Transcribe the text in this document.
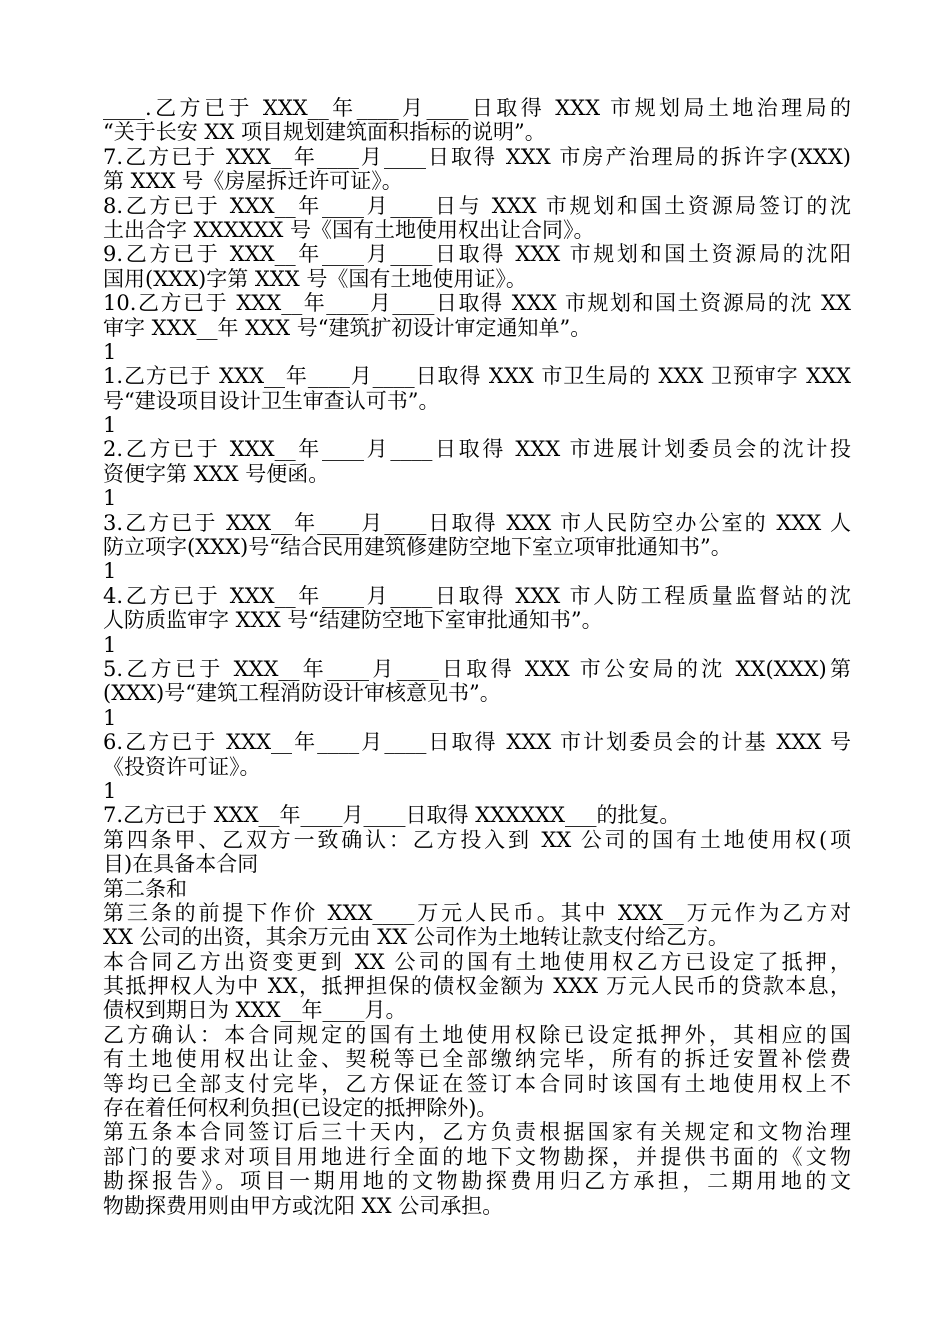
____.乙方已于 XXX__年____月____日取得 XXX 市规划局土地治理局的
“关于长安 XX 项目规划建筑面积指标的说明”。
7.乙方已于 XXX__年____月____日取得 XXX 市房产治理局的拆许字(XXX)
第 XXX 号《房屋拆迁许可证》。
8.乙方已于 XXX__年____月____日与 XXX 市规划和国土资源局签订的沈
土出合字 XXXXXX 号《国有土地使用权出让合同》。
9.乙方已于 XXX__年____月____日取得 XXX 市规划和国土资源局的沈阳
国用(XXX)字第 XXX 号《国有土地使用证》。
10.乙方已于 XXX__年____月____日取得 XXX 市规划和国土资源局的沈 XX
审字 XXX__年 XXX 号“建筑扩初设计审定通知单”。
1
1.乙方已于 XXX__年____月____日取得 XXX 市卫生局的 XXX 卫预审字 XXX
号“建设项目设计卫生审查认可书”。
1
2.乙方已于 XXX__年____月____日取得 XXX 市进展计划委员会的沈计投
资便字第 XXX 号便函。
1
3.乙方已于 XXX__年____月____日取得 XXX 市人民防空办公室的 XXX 人
防立项字(XXX)号“结合民用建筑修建防空地下室立项审批通知书”。
1
4.乙方已于 XXX__年____月____日取得 XXX 市人防工程质量监督站的沈
人防质监审字 XXX 号“结建防空地下室审批通知书”。
1
5.乙方已于 XXX__年____月____日取得 XXX 市公安局的沈 XX(XXX)第
(XXX)号“建筑工程消防设计审核意见书”。
1
6.乙方已于 XXX__年____月____日取得 XXX 市计划委员会的计基 XXX 号
《投资许可证》。
1
7.乙方已于 XXX__年____月____日取得 XXXXXX___的批复。
第四条甲、乙双方一致确认：乙方投入到 XX 公司的国有土地使用权(项
目)在具备本合同
第二条和
第三条的前提下作价 XXX____万元人民币。其中 XXX__万元作为乙方对
XX 公司的出资，其余万元由 XX 公司作为土地转让款支付给乙方。
本合同乙方出资变更到 XX 公司的国有土地使用权乙方已设定了抵押，
其抵押权人为中 XX，抵押担保的债权金额为 XXX 万元人民币的贷款本息，
债权到期日为 XXX__年____月。
乙方确认：本合同规定的国有土地使用权除已设定抵押外，其相应的国
有土地使用权出让金、契税等已全部缴纳完毕，所有的拆迁安置补偿费
等均已全部支付完毕，乙方保证在签订本合同时该国有土地使用权上不
存在着任何权利负担(已设定的抵押除外)。
第五条本合同签订后三十天内，乙方负责根据国家有关规定和文物治理
部门的要求对项目用地进行全面的地下文物勘探，并提供书面的《文物
勘探报告》。项目一期用地的文物勘探费用归乙方承担，二期用地的文
物勘探费用则由甲方或沈阳 XX 公司承担。
